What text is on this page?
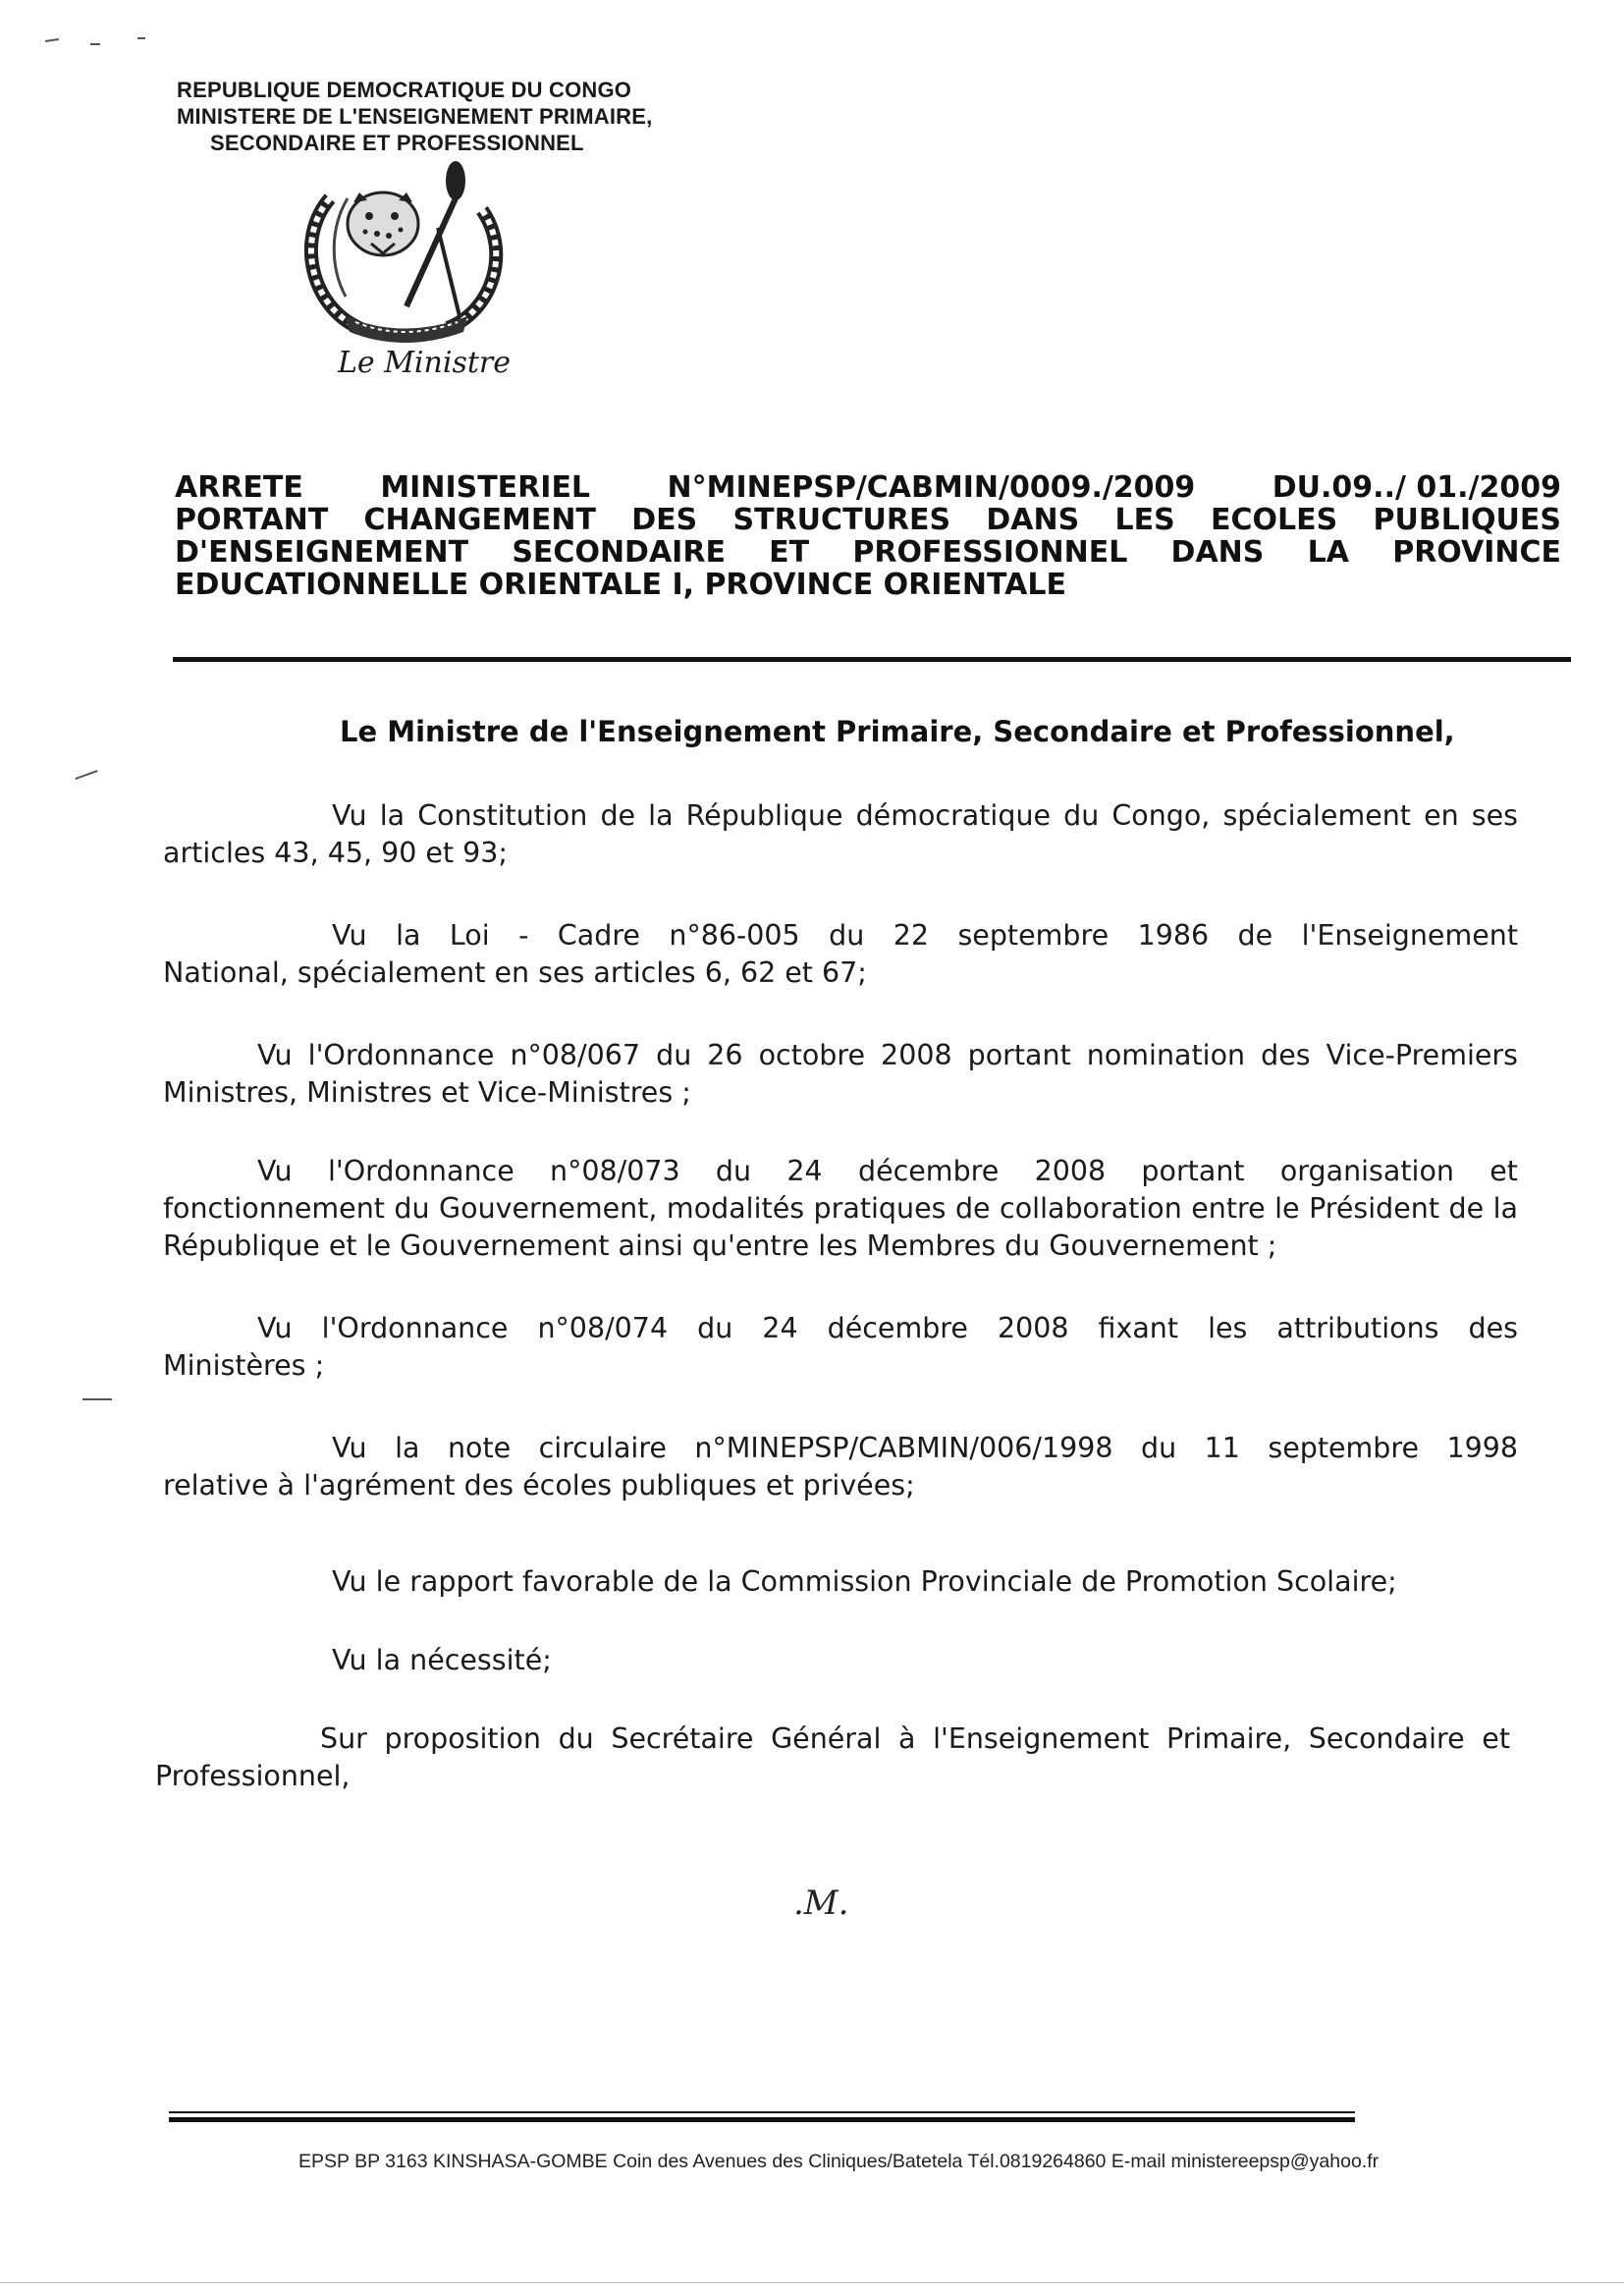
REPUBLIQUE DEMOCRATIQUE DU CONGO
MINISTERE DE L'ENSEIGNEMENT PRIMAIRE,
SECONDAIRE ET PROFESSIONNEL
Le Ministre
ARRETE	MINISTERIEL	N°MINEPSP/CABMIN/0009./2009	DU.09../ 01./2009
PORTANT CHANGEMENT DES STRUCTURES DANS LES ECOLES PUBLIQUES
D'ENSEIGNEMENT SECONDAIRE ET PROFESSIONNEL DANS LA PROVINCE
EDUCATIONNELLE ORIENTALE I, PROVINCE ORIENTALE
Le Ministre de l'Enseignement Primaire, Secondaire et Professionnel,
Vu la Constitution de la République démocratique du Congo, spécialement en ses
articles 43, 45, 90 et 93;
Vu la Loi - Cadre n°86-005 du 22 septembre 1986 de l'Enseignement
National, spécialement en ses articles 6, 62 et 67;
Vu l'Ordonnance n°08/067 du 26 octobre 2008 portant nomination des Vice-Premiers
Ministres, Ministres et Vice-Ministres ;
Vu l'Ordonnance n°08/073 du 24 décembre 2008 portant organisation et
fonctionnement du Gouvernement, modalités pratiques de collaboration entre le Président de la République et le Gouvernement ainsi qu'entre les Membres du Gouvernement ;
Vu l'Ordonnance n°08/074 du 24 décembre 2008 fixant les attributions des
Ministères ;
Vu la note circulaire n°MINEPSP/CABMIN/006/1998 du 11 septembre 1998
relative à l'agrément des écoles publiques et privées;
Vu le rapport favorable de la Commission Provinciale de Promotion Scolaire;
Vu la nécessité;
Sur proposition du Secrétaire Général à l'Enseignement Primaire, Secondaire et
Professionnel,
.M.
EPSP BP 3163 KINSHASA-GOMBE Coin des Avenues des Cliniques/Batetela Tél.0819264860 E-mail ministereepsp@yahoo.fr
